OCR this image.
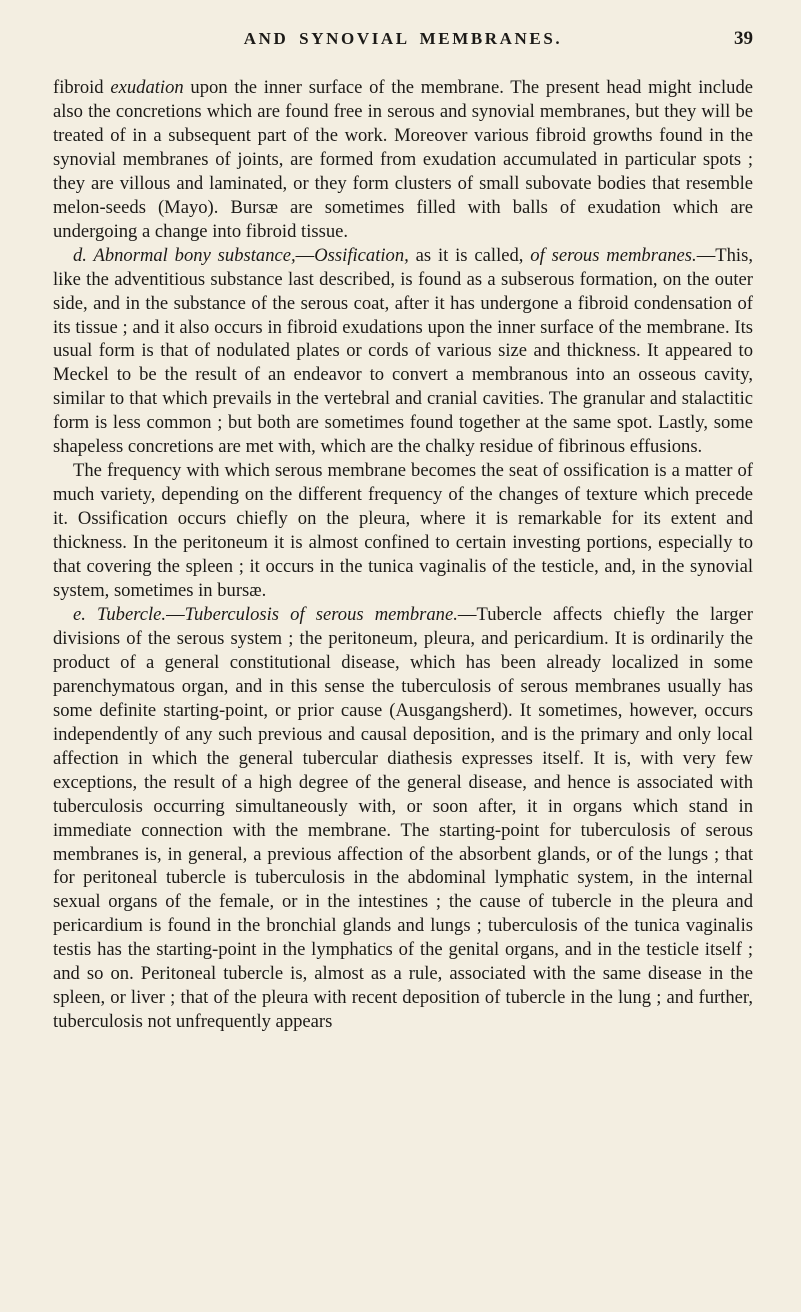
AND SYNOVIAL MEMBRANES.	39

fibroid exudation upon the inner surface of the membrane. The present head might include also the concretions which are found free in serous and synovial membranes, but they will be treated of in a subsequent part of the work. Moreover various fibroid growths found in the synovial membranes of joints, are formed from exudation accumulated in particular spots ; they are villous and laminated, or they form clusters of small subovate bodies that resemble melon-seeds (Mayo). Bursæ are sometimes filled with balls of exudation which are undergoing a change into fibroid tissue.

d. Abnormal bony substance,—Ossification, as it is called, of serous membranes.—This, like the adventitious substance last described, is found as a subserous formation, on the outer side, and in the substance of the serous coat, after it has undergone a fibroid condensation of its tissue ; and it also occurs in fibroid exudations upon the inner surface of the membrane. Its usual form is that of nodulated plates or cords of various size and thickness. It appeared to Meckel to be the result of an endeavor to convert a membranous into an osseous cavity, similar to that which prevails in the vertebral and cranial cavities. The granular and stalactitic form is less common ; but both are sometimes found together at the same spot. Lastly, some shapeless concretions are met with, which are the chalky residue of fibrinous effusions.

The frequency with which serous membrane becomes the seat of ossification is a matter of much variety, depending on the different frequency of the changes of texture which precede it. Ossification occurs chiefly on the pleura, where it is remarkable for its extent and thickness. In the peritoneum it is almost confined to certain investing portions, especially to that covering the spleen ; it occurs in the tunica vaginalis of the testicle, and, in the synovial system, sometimes in bursæ.

e. Tubercle.—Tuberculosis of serous membrane.—Tubercle affects chiefly the larger divisions of the serous system ; the peritoneum, pleura, and pericardium. It is ordinarily the product of a general constitutional disease, which has been already localized in some parenchymatous organ, and in this sense the tuberculosis of serous membranes usually has some definite starting-point, or prior cause (Ausgangsherd). It sometimes, however, occurs independently of any such previous and causal deposition, and is the primary and only local affection in which the general tubercular diathesis expresses itself. It is, with very few exceptions, the result of a high degree of the general disease, and hence is associated with tuberculosis occurring simultaneously with, or soon after, it in organs which stand in immediate connection with the membrane. The starting-point for tuberculosis of serous membranes is, in general, a previous affection of the absorbent glands, or of the lungs ; that for peritoneal tubercle is tuberculosis in the abdominal lymphatic system, in the internal sexual organs of the female, or in the intestines ; the cause of tubercle in the pleura and pericardium is found in the bronchial glands and lungs ; tuberculosis of the tunica vaginalis testis has the starting-point in the lymphatics of the genital organs, and in the testicle itself ; and so on. Peritoneal tubercle is, almost as a rule, associated with the same disease in the spleen, or liver ; that of the pleura with recent deposition of tubercle in the lung ; and further, tuberculosis not unfrequently appears
